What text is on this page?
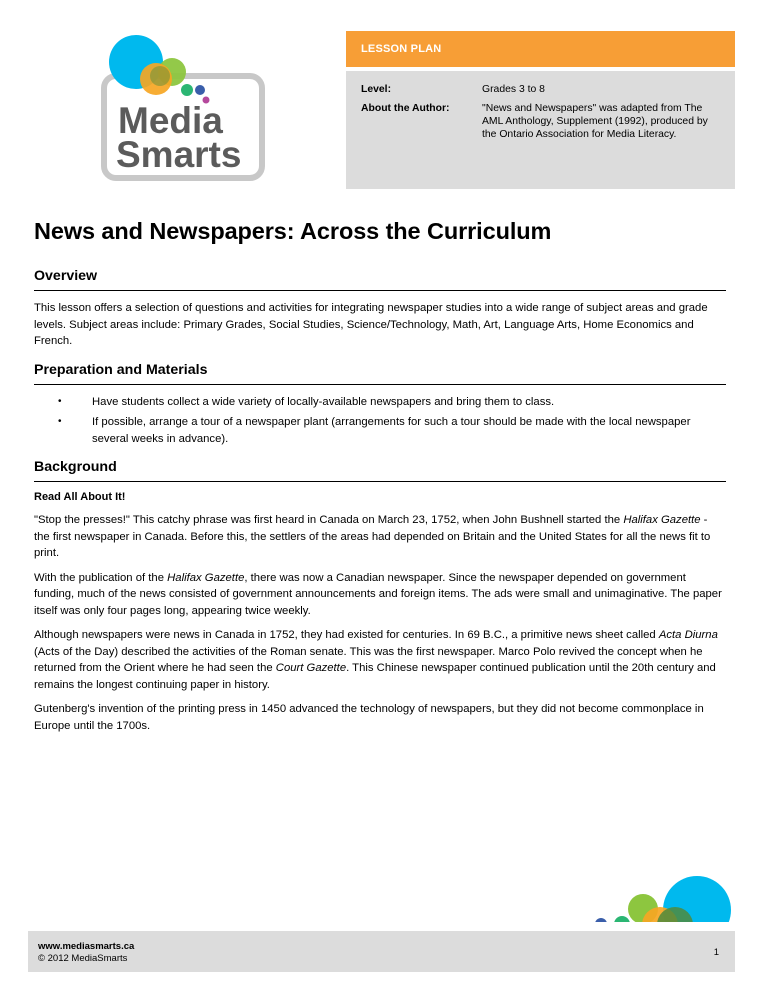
Media
Smarts
LESSON PLAN
Level:	Grades 3 to 8
About the Author:	"News and Newspapers" was adapted from The AML Anthology, Supplement (1992), produced by the Ontario Association for Media Literacy.
News and Newspapers: Across the Curriculum
Overview

This lesson offers a selection of questions and activities for integrating newspaper studies into a wide range of subject areas and grade levels. Subject areas include: Primary Grades, Social Studies, Science/Technology, Math, Art, Language Arts, Home Economics and French.

Preparation and Materials
•	Have students collect a wide variety of locally-available newspapers and bring them to class.
•	If possible, arrange a tour of a newspaper plant (arrangements for such a tour should be made with the local newspaper several weeks in advance).
Background
Read All About It!

"Stop the presses!" This catchy phrase was first heard in Canada on March 23, 1752, when John Bushnell started the Halifax Gazette - the first newspaper in Canada. Before this, the settlers of the areas had depended on Britain and the United States for all the news fit to print.

With the publication of the Halifax Gazette, there was now a Canadian newspaper. Since the newspaper depended on government funding, much of the news consisted of government announcements and foreign items. The ads were small and unimaginative. The paper itself was only four pages long, appearing twice weekly.

Although newspapers were news in Canada in 1752, they had existed for centuries. In 69 B.C., a primitive news sheet called Acta Diurna (Acts of the Day) described the activities of the Roman senate. This was the first newspaper. Marco Polo revived the concept when he returned from the Orient where he had seen the Court Gazette. This Chinese newspaper continued publication until the 20th century and remains the longest continuing paper in history.

Gutenberg's invention of the printing press in 1450 advanced the technology of newspapers, but they did not become commonplace in Europe until the 1700s.

www.mediasmarts.ca
© 2012 MediaSmarts
1
